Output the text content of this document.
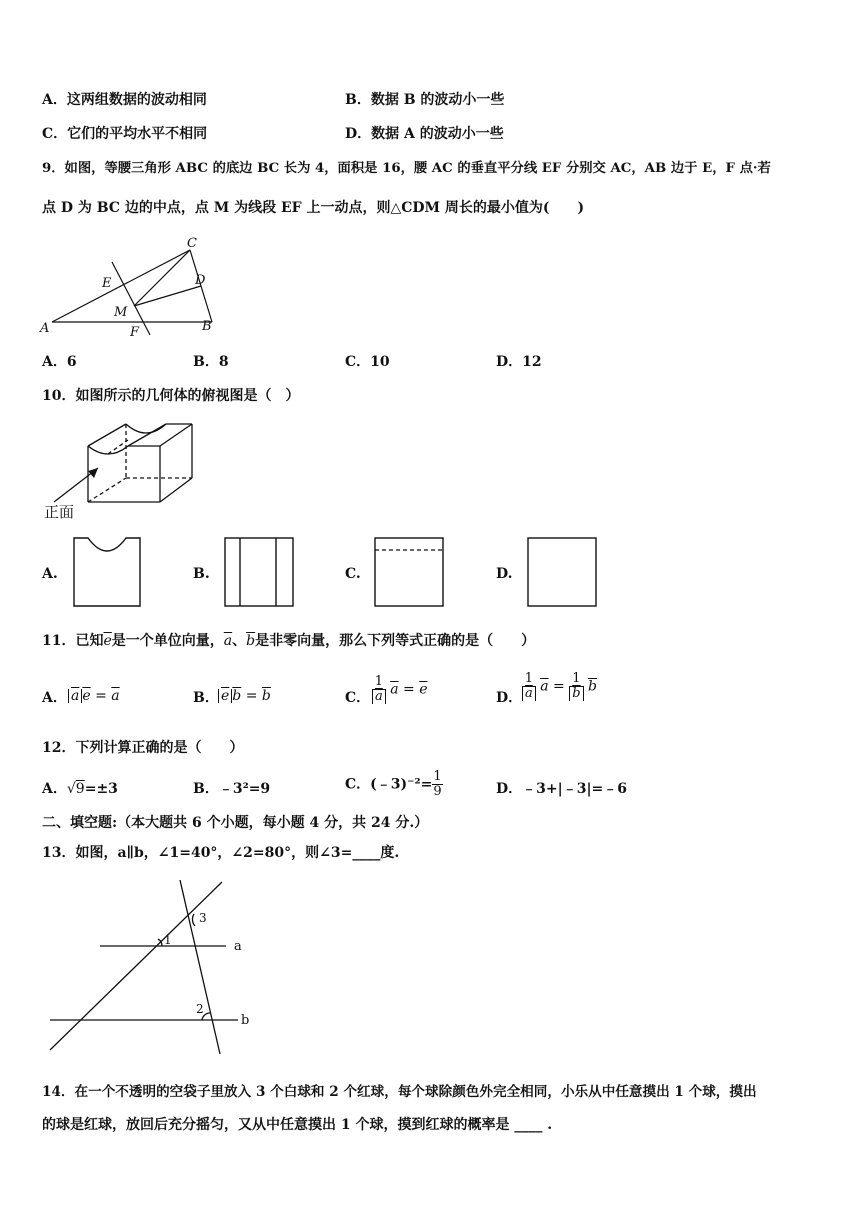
A．这两组数据的波动相同	B．数据 B 的波动小一些
C．它们的平均水平不相同	D．数据 A 的波动小一些
9．如图，等腰三角形 ABC 的底边 BC 长为 4，面积是 16，腰 AC 的垂直平分线 EF 分别交 AC，AB 边于 E，F 点·若
点 D 为 BC 边的中点，点 M 为线段 EF 上一动点，则△CDM 周长的最小值为(　　)
C
D
E
M
A	F	B
A．6	B．8	C．10	D．12
10．如图所示的几何体的俯视图是（　）
正面
A.	B.	C.	D.
11．已知$\overline{e}$是一个单位向量，$\overline{a}$、$\overline{b}$是非零向量，那么下列等式正确的是（　　）
A． $\overline{a}$ $\overline{e} = \overline{a}$	B． $\overline{e}$ $\overline{b} = \overline{b}$	C． $\frac{1}{a} \overline{a} = \overline{e}$
D． $\frac{1}{a} \overline{a} = \frac{1}{b} \overline{b}$
12．下列计算正确的是（　　）
A．√9=±3	B．﹣3²=9	C．(﹣3)⁻²= $\frac{1}{9}$	D．﹣3+|﹣3|=﹣6
二、填空题:（本大题共 6 个小题，每小题 4 分，共 24 分.）
13．如图，a∥b，∠1=40°，∠2=80°，则∠3=____度.
1
2
3
a
b
14．在一个不透明的空袋子里放入 3 个白球和 2 个红球，每个球除颜色外完全相同，小乐从中任意摸出 1 个球，摸出
的球是红球，放回后充分摇匀，又从中任意摸出 1 个球，摸到红球的概率是 ____ .
